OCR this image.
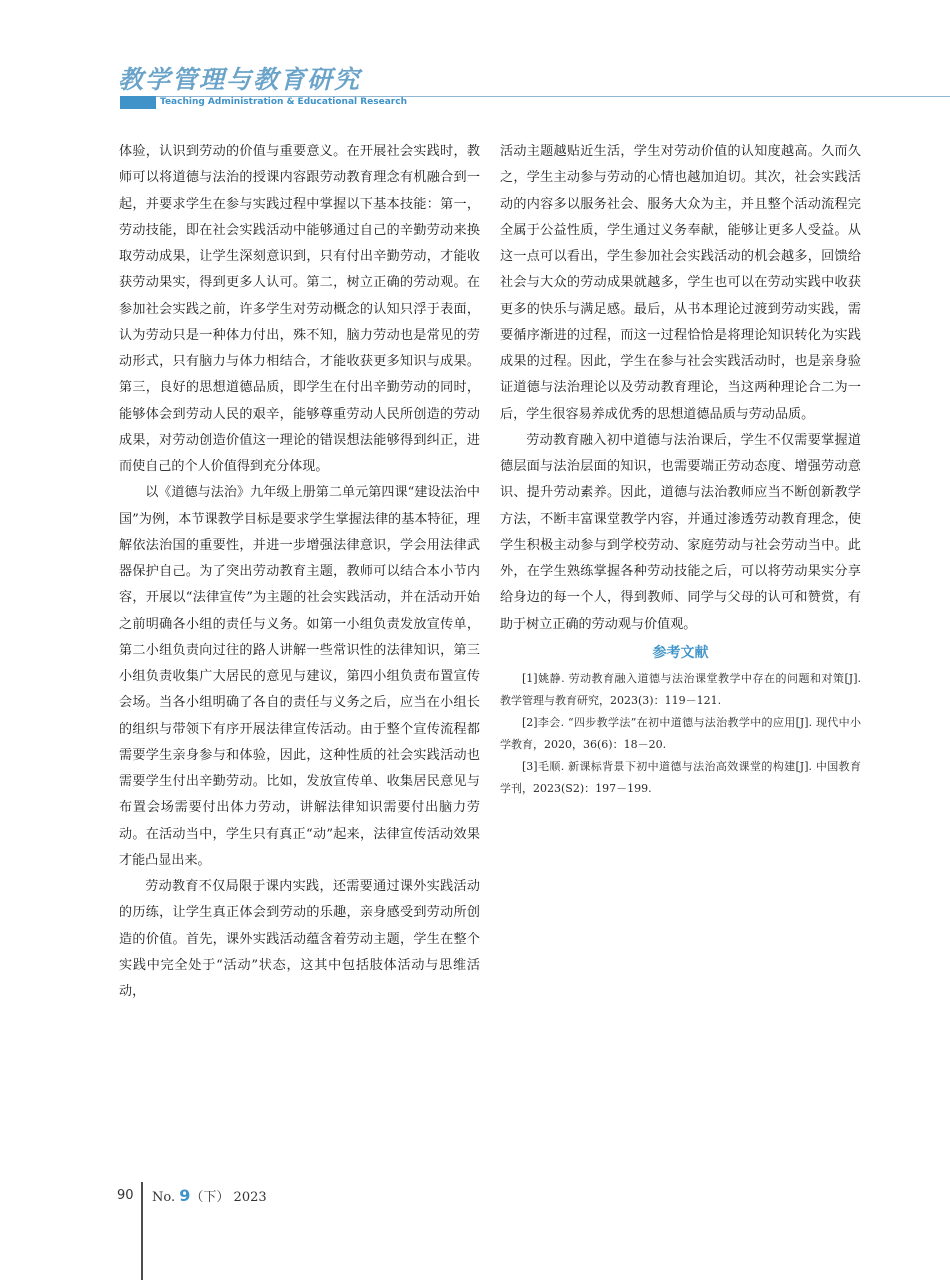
教学管理与教育研究

Teaching Administration & Educational Research

体验，认识到劳动的价值与重要意义。在开展社会实践时，教师可以将道德与法治的授课内容跟劳动教育理念有机融合到一起，并要求学生在参与实践过程中掌握以下基本技能：第一，劳动技能，即在社会实践活动中能够通过自己的辛勤劳动来换取劳动成果，让学生深刻意识到，只有付出辛勤劳动，才能收获劳动果实，得到更多人认可。第二，树立正确的劳动观。在参加社会实践之前，许多学生对劳动概念的认知只浮于表面，认为劳动只是一种体力付出，殊不知，脑力劳动也是常见的劳动形式，只有脑力与体力相结合，才能收获更多知识与成果。第三，良好的思想道德品质，即学生在付出辛勤劳动的同时，能够体会到劳动人民的艰辛，能够尊重劳动人民所创造的劳动成果，对劳动创造价值这一理论的错误想法能够得到纠正，进而使自己的个人价值得到充分体现。

以《道德与法治》九年级上册第二单元第四课“建设法治中国”为例，本节课教学目标是要求学生掌握法律的基本特征，理解依法治国的重要性，并进一步增强法律意识，学会用法律武器保护自己。为了突出劳动教育主题，教师可以结合本小节内容，开展以“法律宣传”为主题的社会实践活动，并在活动开始之前明确各小组的责任与义务。如第一小组负责发放宣传单，第二小组负责向过往的路人讲解一些常识性的法律知识，第三小组负责收集广大居民的意见与建议，第四小组负责布置宣传会场。当各小组明确了各自的责任与义务之后，应当在小组长的组织与带领下有序开展法律宣传活动。由于整个宣传流程都需要学生亲身参与和体验，因此，这种性质的社会实践活动也需要学生付出辛勤劳动。比如，发放宣传单、收集居民意见与布置会场需要付出体力劳动，讲解法律知识需要付出脑力劳动。在活动当中，学生只有真正“动”起来，法律宣传活动效果才能凸显出来。

劳动教育不仅局限于课内实践，还需要通过课外实践活动的历练，让学生真正体会到劳动的乐趣，亲身感受到劳动所创造的价值。首先，课外实践活动蕴含着劳动主题，学生在整个实践中完全处于“活动”状态，这其中包括肢体活动与思维活动，

活动主题越贴近生活，学生对劳动价值的认知度越高。久而久之，学生主动参与劳动的心情也越加迫切。其次，社会实践活动的内容多以服务社会、服务大众为主，并且整个活动流程完全属于公益性质，学生通过义务奉献，能够让更多人受益。从这一点可以看出，学生参加社会实践活动的机会越多，回馈给社会与大众的劳动成果就越多，学生也可以在劳动实践中收获更多的快乐与满足感。最后，从书本理论过渡到劳动实践，需要循序渐进的过程，而这一过程恰恰是将理论知识转化为实践成果的过程。因此，学生在参与社会实践活动时，也是亲身验证道德与法治理论以及劳动教育理论，当这两种理论合二为一后，学生很容易养成优秀的思想道德品质与劳动品质。

劳动教育融入初中道德与法治课后，学生不仅需要掌握道德层面与法治层面的知识，也需要端正劳动态度、增强劳动意识、提升劳动素养。因此，道德与法治教师应当不断创新教学方法，不断丰富课堂教学内容，并通过渗透劳动教育理念，使学生积极主动参与到学校劳动、家庭劳动与社会劳动当中。此外，在学生熟练掌握各种劳动技能之后，可以将劳动果实分享给身边的每一个人，得到教师、同学与父母的认可和赞赏，有助于树立正确的劳动观与价值观。

参考文献

[1]姚静. 劳动教育融入道德与法治课堂教学中存在的问题和对策[J]. 教学管理与教育研究，2023(3)：119－121.

[2]李会. “四步教学法”在初中道德与法治教学中的应用[J]. 现代中小学教育，2020，36(6)：18－20.

[3]毛顺. 新课标背景下初中道德与法治高效课堂的构建[J]. 中国教育学刊，2023(S2)：197－199.

90 No. 9（下） 2023
